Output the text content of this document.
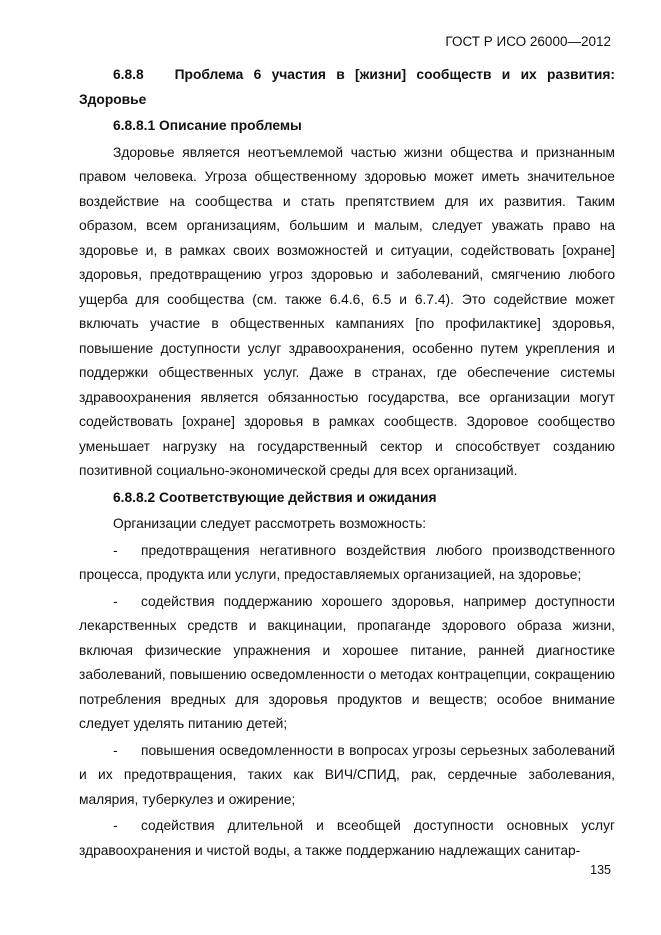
ГОСТ Р ИСО 26000—2012

6.8.8 Проблема 6 участия в [жизни] сообществ и их развития: Здоровье

6.8.8.1 Описание проблемы

Здоровье является неотъемлемой частью жизни общества и признанным правом человека. Угроза общественному здоровью может иметь значительное воздействие на сообщества и стать препятствием для их развития. Таким образом, всем организациям, большим и малым, следует уважать право на здоровье и, в рамках своих возможностей и ситуации, содействовать [охране] здоровья, предотвращению угроз здоровью и заболеваний, смягчению любого ущерба для сообщества (см. также 6.4.6, 6.5 и 6.7.4). Это содействие может включать участие в общественных кампаниях [по профилактике] здоровья, повышение доступности услуг здравоохранения, особенно путем укрепления и поддержки общественных услуг. Даже в странах, где обеспечение системы здравоохранения является обязанностью государства, все организации могут содействовать [охране] здоровья в рамках сообществ. Здоровое сообщество уменьшает нагрузку на государственный сектор и способствует созданию позитивной социально-экономической среды для всех организаций.

6.8.8.2 Соответствующие действия и ожидания

Организации следует рассмотреть возможность:

- предотвращения негативного воздействия любого производственного процесса, продукта или услуги, предоставляемых организацией, на здоровье;

- содействия поддержанию хорошего здоровья, например доступности лекарственных средств и вакцинации, пропаганде здорового образа жизни, включая физические упражнения и хорошее питание, ранней диагностике заболеваний, повышению осведомленности о методах контрацепции, сокращению потребления вредных для здоровья продуктов и веществ; особое внимание следует уделять питанию детей;

- повышения осведомленности в вопросах угрозы серьезных заболеваний и их предотвращения, таких как ВИЧ/СПИД, рак, сердечные заболевания, малярия, туберкулез и ожирение;

- содействия длительной и всеобщей доступности основных услуг здравоохранения и чистой воды, а также поддержанию надлежащих санитар-

135
